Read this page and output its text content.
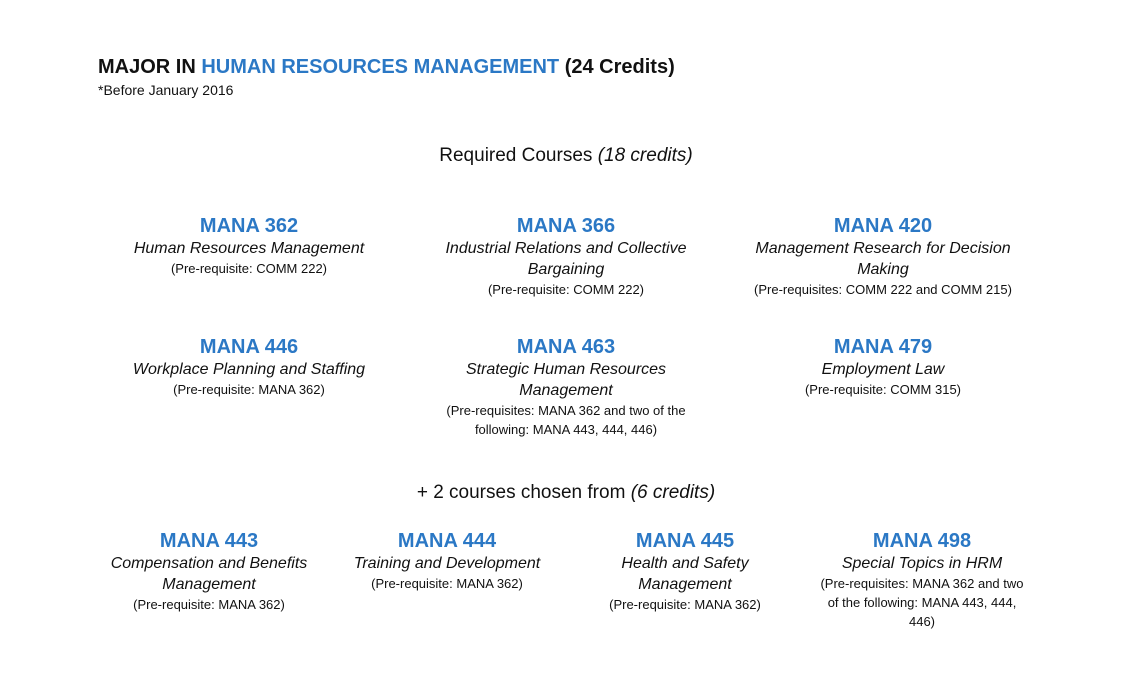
MAJOR IN HUMAN RESOURCES MANAGEMENT (24 Credits)
*Before January 2016
Required Courses (18 credits)
MANA 362
Human Resources Management
(Pre-requisite: COMM 222)
MANA 366
Industrial Relations and Collective Bargaining
(Pre-requisite: COMM 222)
MANA 420
Management Research for Decision Making
(Pre-requisites: COMM 222 and COMM 215)
MANA 446
Workplace Planning and Staffing
(Pre-requisite: MANA 362)
MANA 463
Strategic Human Resources Management
(Pre-requisites: MANA 362 and two of the following: MANA 443, 444, 446)
MANA 479
Employment Law
(Pre-requisite: COMM 315)
+ 2 courses chosen from (6 credits)
MANA 443
Compensation and Benefits Management
(Pre-requisite: MANA 362)
MANA 444
Training and Development
(Pre-requisite: MANA 362)
MANA 445
Health and Safety Management
(Pre-requisite: MANA 362)
MANA 498
Special Topics in HRM
(Pre-requisites: MANA 362 and two of the following: MANA 443, 444, 446)
